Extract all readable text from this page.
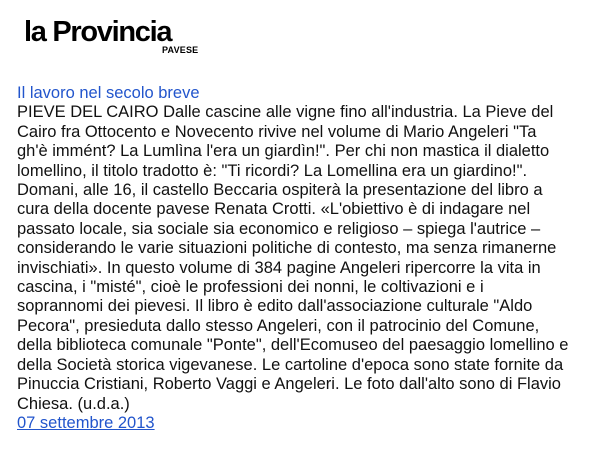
la Provincia
PAVESE
Il lavoro nel secolo breve
PIEVE DEL CAIRO Dalle cascine alle vigne fino all'industria. La Pieve del
Cairo fra Ottocento e Novecento rivive nel volume di Mario Angeleri "Ta
gh'è immént? La Lumlìna l'era un giardìn!". Per chi non mastica il dialetto
lomellino, il titolo tradotto è: "Ti ricordi? La Lomellina era un giardino!".
Domani, alle 16, il castello Beccaria ospiterà la presentazione del libro a
cura della docente pavese Renata Crotti. «L'obiettivo è di indagare nel
passato locale, sia sociale sia economico e religioso – spiega l'autrice –
considerando le varie situazioni politiche di contesto, ma senza rimanerne
invischiati». In questo volume di 384 pagine Angeleri ripercorre la vita in
cascina, i "misté", cioè le professioni dei nonni, le coltivazioni e i
soprannomi dei pievesi. Il libro è edito dall'associazione culturale "Aldo
Pecora", presieduta dallo stesso Angeleri, con il patrocinio del Comune,
della biblioteca comunale "Ponte", dell'Ecomuseo del paesaggio lomellino e
della Società storica vigevanese. Le cartoline d'epoca sono state fornite da
Pinuccia Cristiani, Roberto Vaggi e Angeleri. Le foto dall'alto sono di Flavio
Chiesa. (u.d.a.)
07 settembre 2013
